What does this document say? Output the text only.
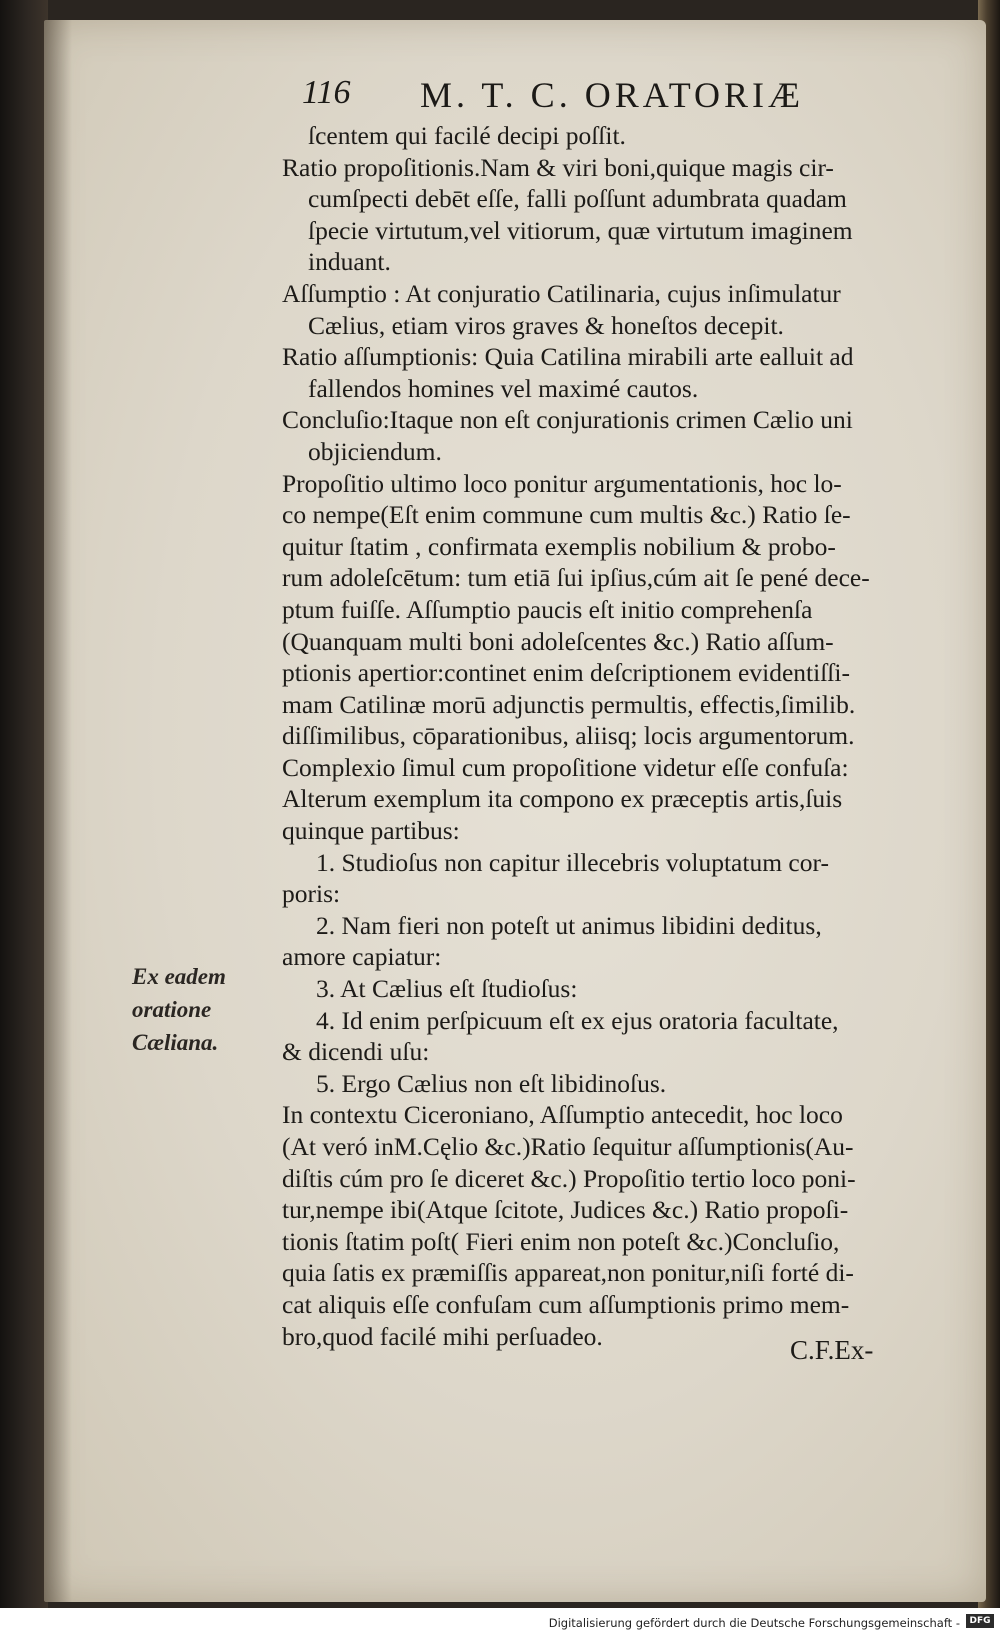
116 M. T. C. ORATORIÆ
ſcentem qui facilé decipi poſſit.
Ratio propoſitionis.Nam & viri boni,quique magis cir-
cumſpecti debēt eſſe, falli poſſunt adumbrata quadam
ſpecie virtutum,vel vitiorum, quæ virtutum imaginem
induant.
Aſſumptio : At conjuratio Catilinaria, cujus inſimulatur
Cælius, etiam viros graves & honeſtos decepit.
Ratio aſſumptionis: Quia Catilina mirabili arte ealluit ad
fallendos homines vel maximé cautos.
Concluſio:Itaque non eſt conjurationis crimen Cælio uni
objiciendum.
Propoſitio ultimo loco ponitur argumentationis, hoc lo-
co nempe(Eſt enim commune cum multis &c.) Ratio ſe-
quitur ſtatim , confirmata exemplis nobilium & probo-
rum adoleſcētum: tum etiā ſui ipſius,cúm ait ſe pené dece-
ptum fuiſſe. Aſſumptio paucis eſt initio comprehenſa
(Quanquam multi boni adoleſcentes &c.) Ratio aſſum-
ptionis apertior:continet enim deſcriptionem evidentiſſi-
mam Catilinæ morū adjunctis permultis, effectis,ſimilib.
diſſimilibus, cōparationibus, aliisq; locis argumentorum.
Complexio ſimul cum propoſitione videtur eſſe confuſa:
Alterum exemplum ita compono ex præceptis artis,ſuis
quinque partibus:
1. Studioſus non capitur illecebris voluptatum cor-
poris:
2. Nam fieri non poteſt ut animus libidini deditus,
amore capiatur:
3. At Cælius eſt ſtudioſus:
4. Id enim perſpicuum eſt ex ejus oratoria facultate,
& dicendi uſu:
5. Ergo Cælius non eſt libidinoſus.
In contextu Ciceroniano, Aſſumptio antecedit, hoc loco
(At veró inM.Cęlio &c.)Ratio ſequitur aſſumptionis(Au-
diſtis cúm pro ſe diceret &c.) Propoſitio tertio loco poni-
tur,nempe ibi(Atque ſcitote, Judices &c.) Ratio propoſi-
tionis ſtatim poſt( Fieri enim non poteſt &c.)Concluſio,
quia ſatis ex præmiſſis appareat,non ponitur,niſi forté di-
cat aliquis eſſe confuſam cum aſſumptionis primo mem-
bro,quod facilé mihi perſuadeo.
Ex eadem
oratione
Cæliana.
C.F.Ex-
Digitalisierung gefördert durch die Deutsche Forschungsgemeinschaft -	DFG
